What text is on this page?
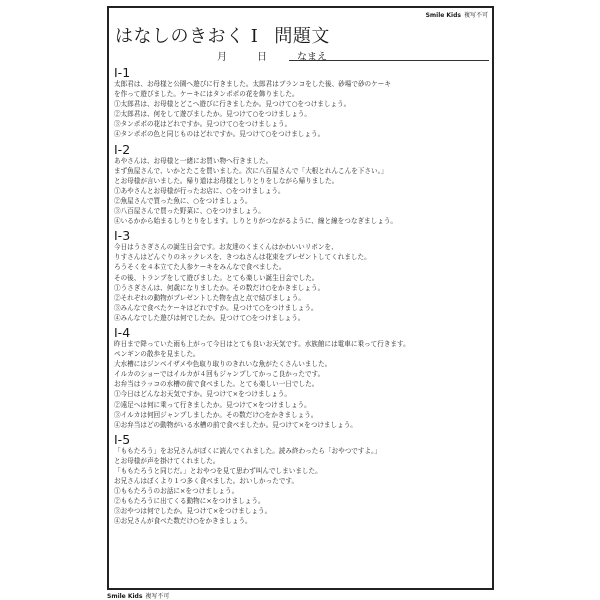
Smile Kids 複写不可
はなしのきおく I 問題文
月	日	なまえ
I-1
太郎君は、お母様と公園へ遊びに行きました。太郎君はブランコをした後、砂場で砂のケーキ
を作って遊びました。ケーキにはタンポポの花を飾りました。
①太郎君は、お母様とどこへ遊びに行きましたか。見つけて○をつけましょう。
②太郎君は、何をして遊びましたか。見つけて○をつけましょう。
③タンポポの花はどれですか。見つけて○をつけましょう。
④タンポポの色と同じものはどれですか。見つけて○をつけましょう。
I-2
あやさんは、お母様と一緒にお買い物へ行きました。
まず魚屋さんで、いかとたこを買いました。次に八百屋さんで「大根とれんこんを下さい。」
とお母様が言いました。帰り道はお母様としりとりをしながら帰りました。
①あやさんとお母様が行ったお店に、○をつけましょう。
②魚屋さんで買った魚に、○をつけましょう。
③八百屋さんで買った野菜に、○をつけましょう。
④いるかから始まるしりとりをします。しりとりがつながるように、線と線をつなぎましょう。
I-3
今日はうさぎさんの誕生日会です。お友達のくまくんはかわいいリボンを、
りすさんはどんぐりのネックレスを、きつねさんは花束をプレゼントしてくれました。
ろうそくを４本立てた人参ケーキをみんなで食べました。
その後、トランプをして遊びました。とても楽しい誕生日会でした。
①うさぎさんは、何歳になりましたか。その数だけ○をかきましょう。
②それぞれの動物がプレゼントした物を点と点で結びましょう。
③みんなで食べたケーキはどれですか。見つけて○をつけましょう。
④みんなでした遊びは何でしたか。見つけて○をつけましょう。
I-4
昨日まで降っていた雨も上がって今日はとても良いお天気です。水族館には電車に乗って行きます。
ペンギンの散歩を見ました。
大水槽にはジンベイザメや色取り取りのきれいな魚がたくさんいました。
イルカのショーではイルカが４回もジャンプしてかっこ良かったです。
お弁当はラッコの水槽の前で食べました。とても楽しい一日でした。
①今日はどんなお天気ですか。見つけて×をつけましょう。
②遠足へは何に乗って行きましたか。見つけて×をつけましょう。
③イルカは何回ジャンプしましたか。その数だけ○をかきましょう。
④お弁当はどの動物がいる水槽の前で食べましたか。見つけて×をつけましょう。
I-5
「ももたろう」をお兄さんがぼくに読んでくれました。読み終わったら「おやつですよ。」
とお母様が声を掛けてくれました。
「ももたろうと同じだ。」とおやつを見て思わず叫んでしまいました。
お兄さんはぼくより１つ多く食べました。おいしかったです。
①ももたろうのお話に×をつけましょう。
②ももたろうに出てくる動物に×をつけましょう。
③おやつは何でしたか。見つけて×をつけましょう。
④お兄さんが食べた数だけ○をかきましょう。
Smile Kids 複写不可
